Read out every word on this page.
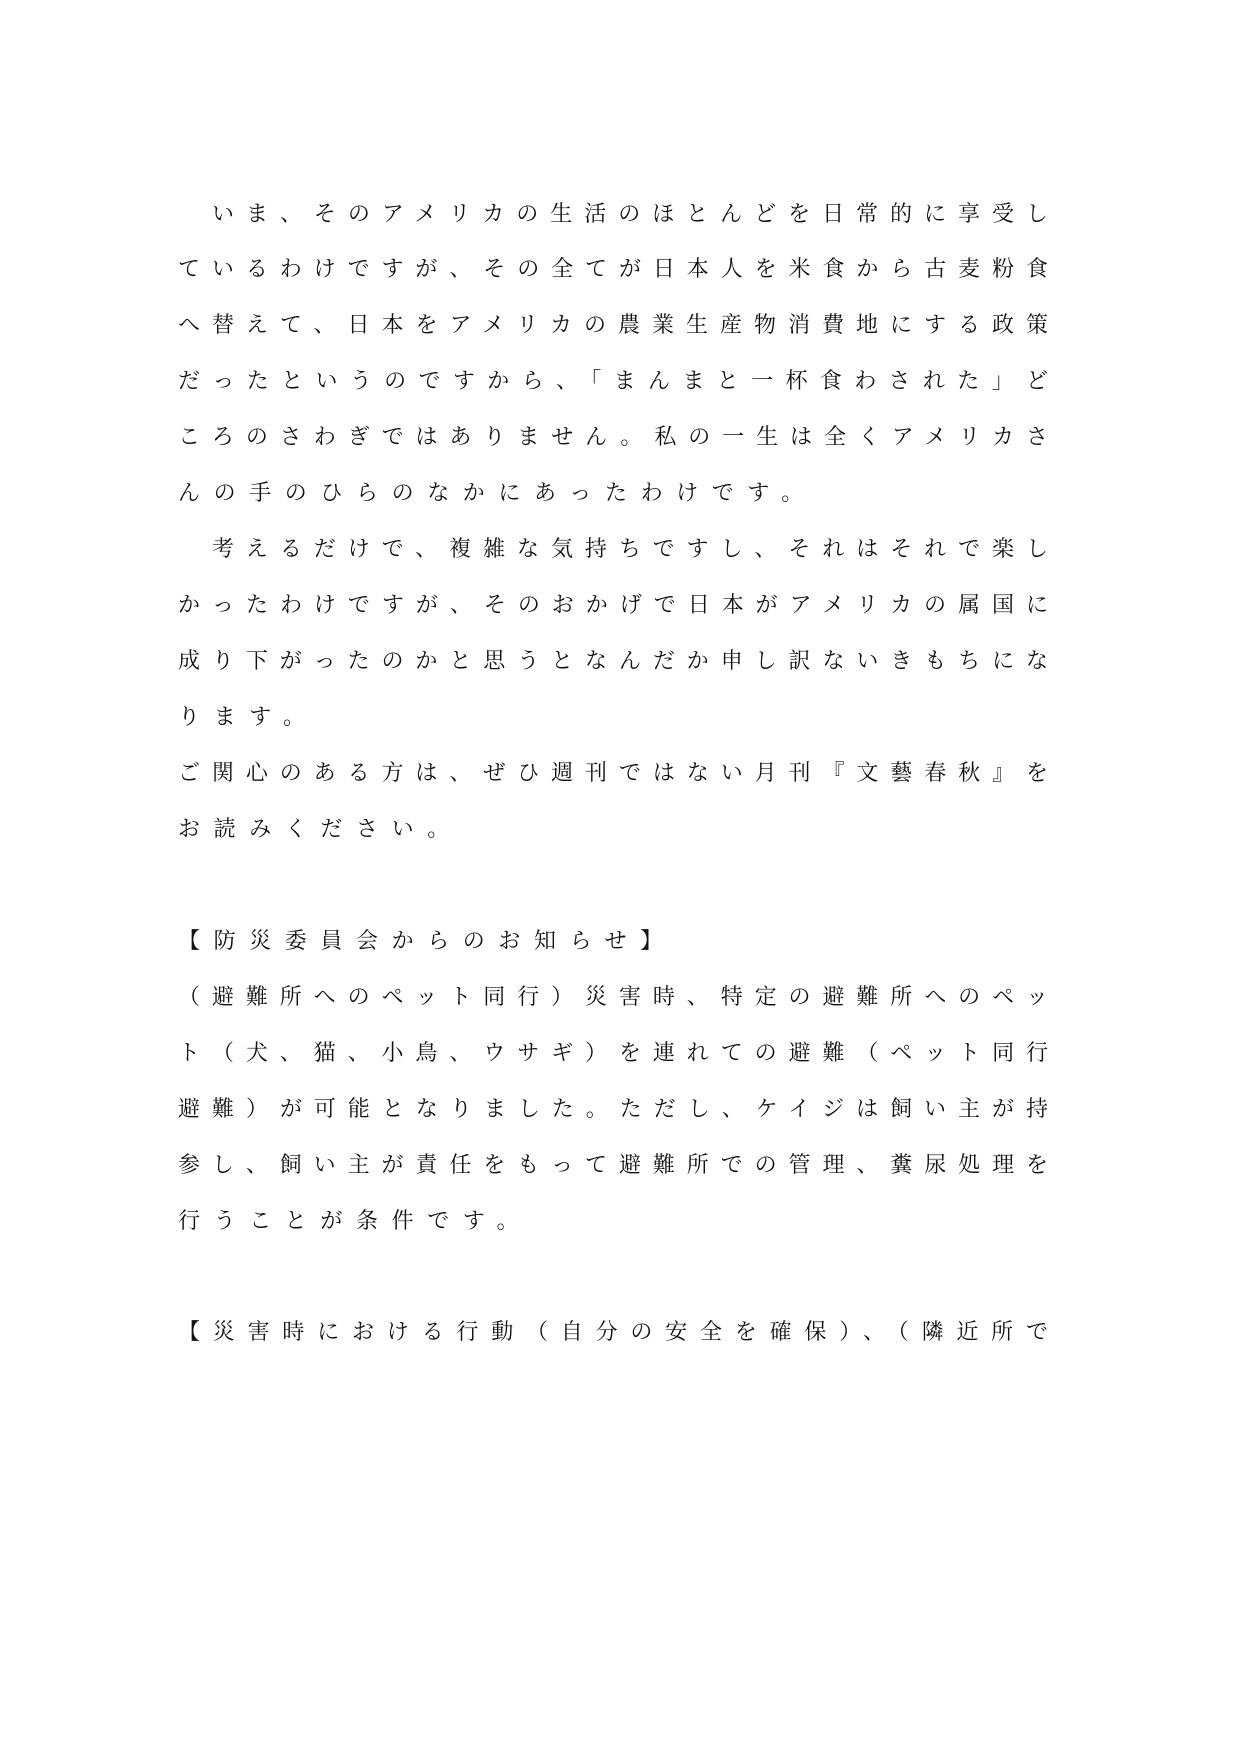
　いま、そのアメリカの生活のほとんどを日常的に享受し
ているわけですが、その全てが日本人を米食から古麦粉食
へ替えて、日本をアメリカの農業生産物消費地にする政策
だったというのですから、「まんまと一杯食わされた」ど
ころのさわぎではありません。私の一生は全くアメリカさ
んの手のひらのなかにあったわけです。
　考えるだけで、複雑な気持ちですし、それはそれで楽し
かったわけですが、そのおかげで日本がアメリカの属国に
成り下がったのかと思うとなんだか申し訳ないきもちにな
ります。
ご関心のある方は、ぜひ週刊ではない月刊『文藝春秋』を
お読みください。
【防災委員会からのお知らせ】
（避難所へのペット同行）災害時、特定の避難所へのペッ
ト（犬、猫、小鳥、ウサギ）を連れての避難（ペット同行
避難）が可能となりました。ただし、ケイジは飼い主が持
参し、飼い主が責任をもって避難所での管理、糞尿処理を
行うことが条件です。
【災害時における行動（自分の安全を確保）、（隣近所で
